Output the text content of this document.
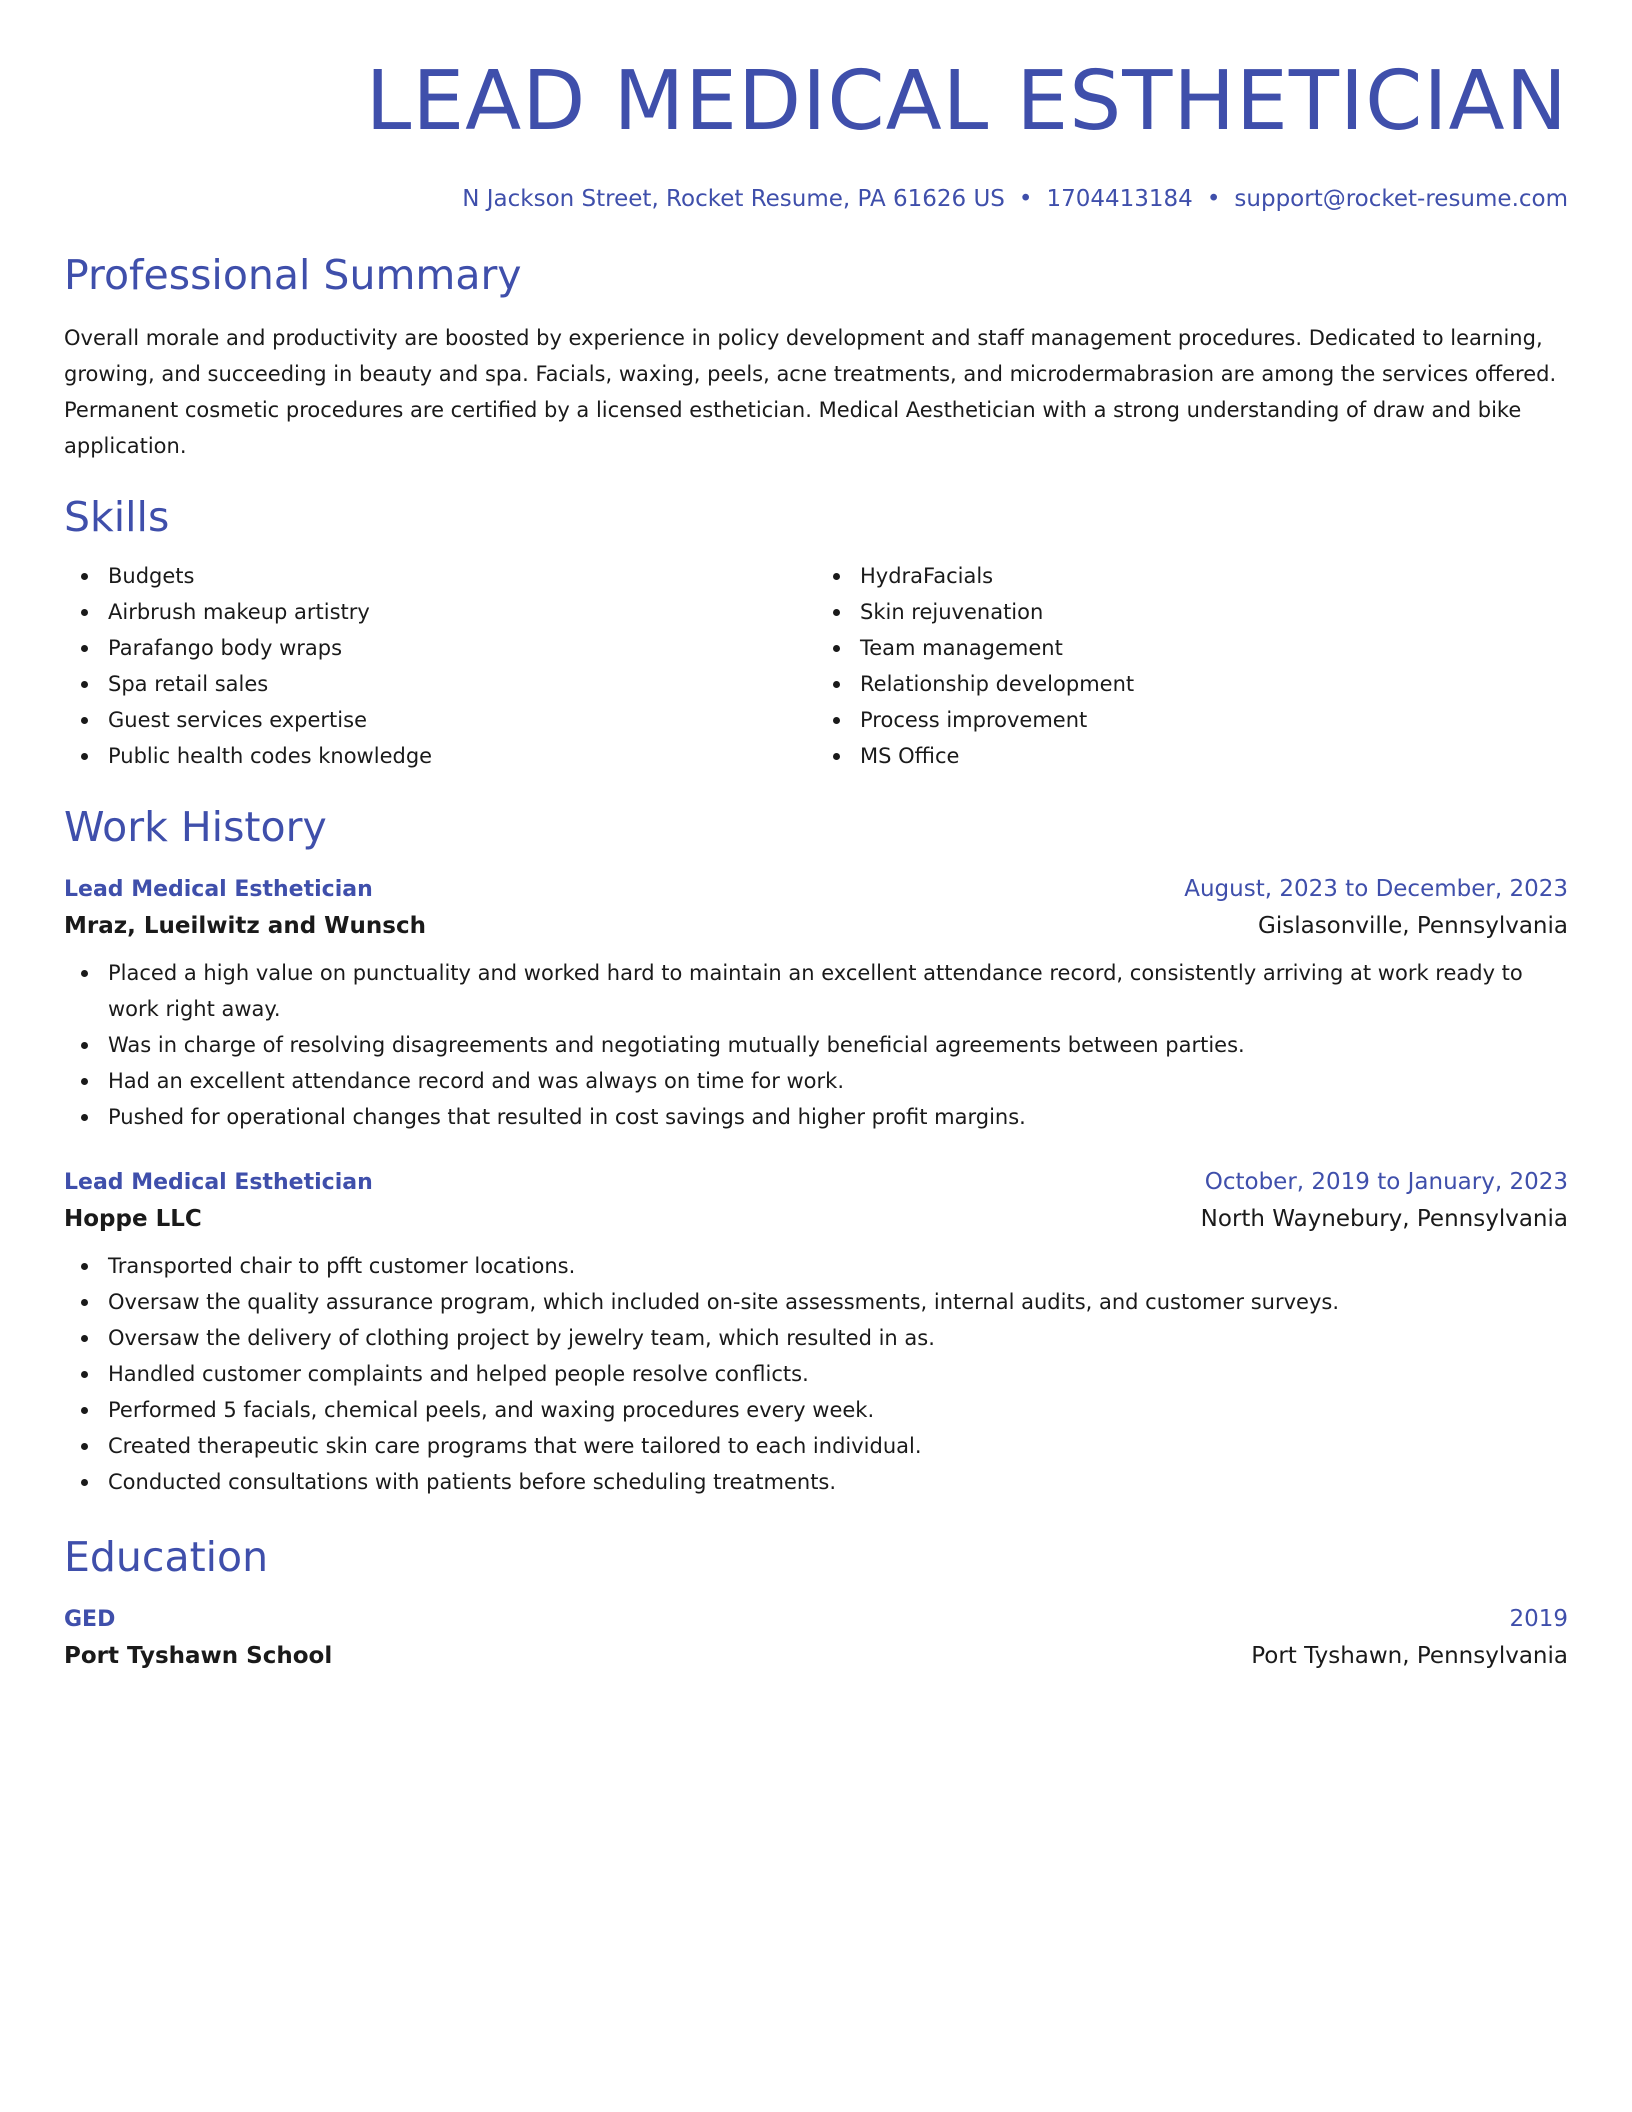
LEAD MEDICAL ESTHETICIAN
N Jackson Street, Rocket Resume, PA 61626 US • 1704413184 • support@rocket-resume.com
Professional Summary

Overall morale and productivity are boosted by experience in policy development and staff management procedures. Dedicated to learning, growing, and succeeding in beauty and spa. Facials, waxing, peels, acne treatments, and microdermabrasion are among the services offered. Permanent cosmetic procedures are certified by a licensed esthetician. Medical Aesthetician with a strong understanding of draw and bike application.

Skills
Budgets
Airbrush makeup artistry
Parafango body wraps
Spa retail sales
Guest services expertise
Public health codes knowledge
HydraFacials
Skin rejuvenation
Team management
Relationship development
Process improvement
MS Office
Work History
Lead Medical Esthetician	August, 2023 to December, 2023
Mraz, Lueilwitz and Wunsch	Gislasonville, Pennsylvania
Placed a high value on punctuality and worked hard to maintain an excellent attendance record, consistently arriving at work ready to work right away.
Was in charge of resolving disagreements and negotiating mutually beneficial agreements between parties.
Had an excellent attendance record and was always on time for work.
Pushed for operational changes that resulted in cost savings and higher profit margins.
Lead Medical Esthetician	October, 2019 to January, 2023
Hoppe LLC	North Waynebury, Pennsylvania
Transported chair to pfft customer locations.
Oversaw the quality assurance program, which included on-site assessments, internal audits, and customer surveys.
Oversaw the delivery of clothing project by jewelry team, which resulted in as.
Handled customer complaints and helped people resolve conflicts.
Performed 5 facials, chemical peels, and waxing procedures every week.
Created therapeutic skin care programs that were tailored to each individual.
Conducted consultations with patients before scheduling treatments.
Education
GED	2019
Port Tyshawn School	Port Tyshawn, Pennsylvania
